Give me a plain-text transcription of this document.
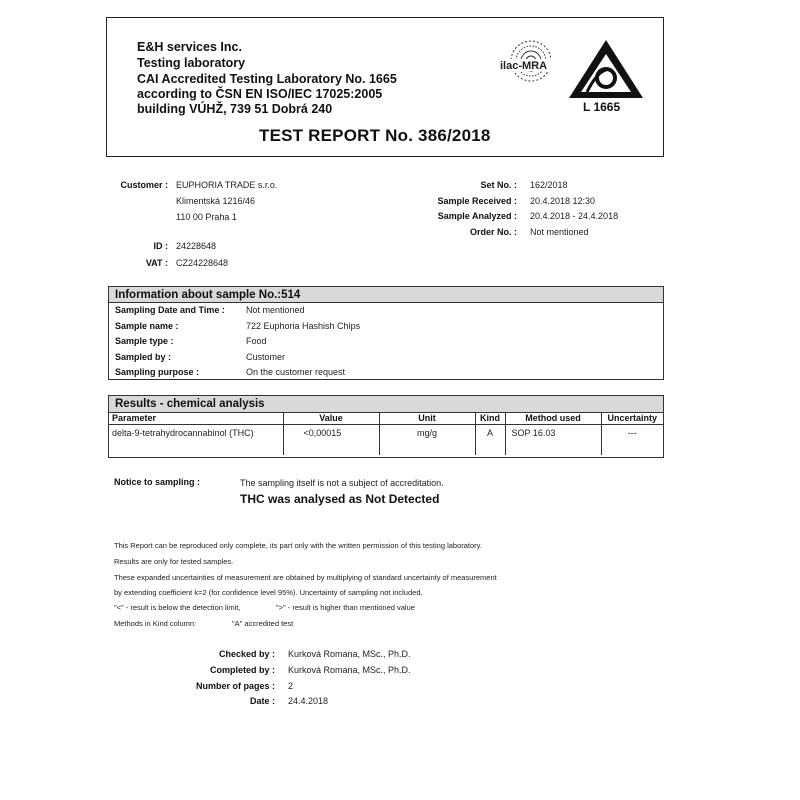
E&H services Inc.
Testing laboratory
CAI Accredited Testing Laboratory No. 1665
according to ČSN EN ISO/IEC 17025:2005
building VÚHŽ, 739 51 Dobrá 240
TEST REPORT No. 386/2018
ilac-MRA
L 1665
Customer : EUPHORIA TRADE s.r.o.
Klimentská 1216/46
110 00 Praha 1
ID : 24228648
VAT : CZ24228648
Set No. : 162/2018
Sample Received : 20.4.2018 12:30
Sample Analyzed : 20.4.2018 - 24.4.2018
Order No. : Not mentioned
Information about sample No.:514
Sampling Date and Time : Not mentioned
Sample name :	722 Euphoria Hashish Chips
Sample type :	Food
Sampled by :	Customer
Sampling purpose :	On the customer request
Results - chemical analysis
Parameter	Value	Unit	Kind	Method used	Uncertainty
delta-9-tetrahydrocannabinol (THC)	<0,00015	mg/g	A	SOP 16.03	---
Notice to sampling :	The sampling itself is not a subject of accreditation.
THC was analysed as Not Detected
This Report can be reproduced only complete, its part only with the written permission of this testing laboratory.
Results are only for tested samples.
These expanded uncertainties of measurement are obtained by multiplying of standard uncertainty of measurement
by extending coefficient k=2 (for confidence level 95%). Uncertainty of sampling not included.
"<" - result is below the detection limit,	">" - result is higher than mentioned value
Methods in Kind column:	"A" accredited test
Checked by : Kurková Romana, MSc., Ph.D.
Completed by : Kurková Romana, MSc., Ph.D.
Number of pages : 2
Date : 24.4.2018
